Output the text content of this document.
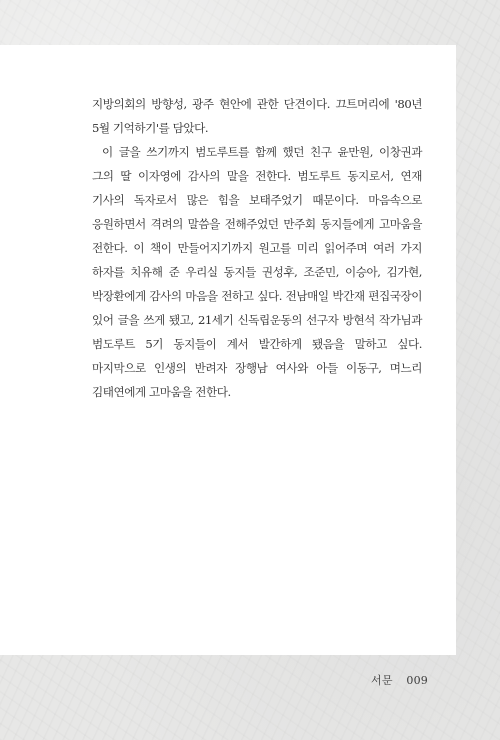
지방의회의 방향성, 광주 현안에 관한 단견이다. 끄트머리에 '80년 5월 기억하기'를 담았다.

이 글을 쓰기까지 범도루트를 함께 했던 친구 윤만원, 이창권과 그의 딸 이자영에 감사의 말을 전한다. 범도루트 동지로서, 연재 기사의 독자로서 많은 힘을 보태주었기 때문이다. 마음속으로 응원하면서 격려의 말씀을 전해주었던 만주회 동지들에게 고마움을 전한다. 이 책이 만들어지기까지 원고를 미리 읽어주며 여러 가지 하자를 치유해 준 우리실 동지들 권성후, 조준민, 이승아, 김가현, 박장환에게 감사의 마음을 전하고 싶다. 전남매일 박간재 편집국장이 있어 글을 쓰게 됐고, 21세기 신독립운동의 선구자 방현석 작가님과 범도루트 5기 동지들이 계서 발간하게 됐음을 말하고 싶다. 마지막으로 인생의 반려자 장행남 여사와 아들 이동구, 며느리 김태연에게 고마움을 전한다.

서문 009
